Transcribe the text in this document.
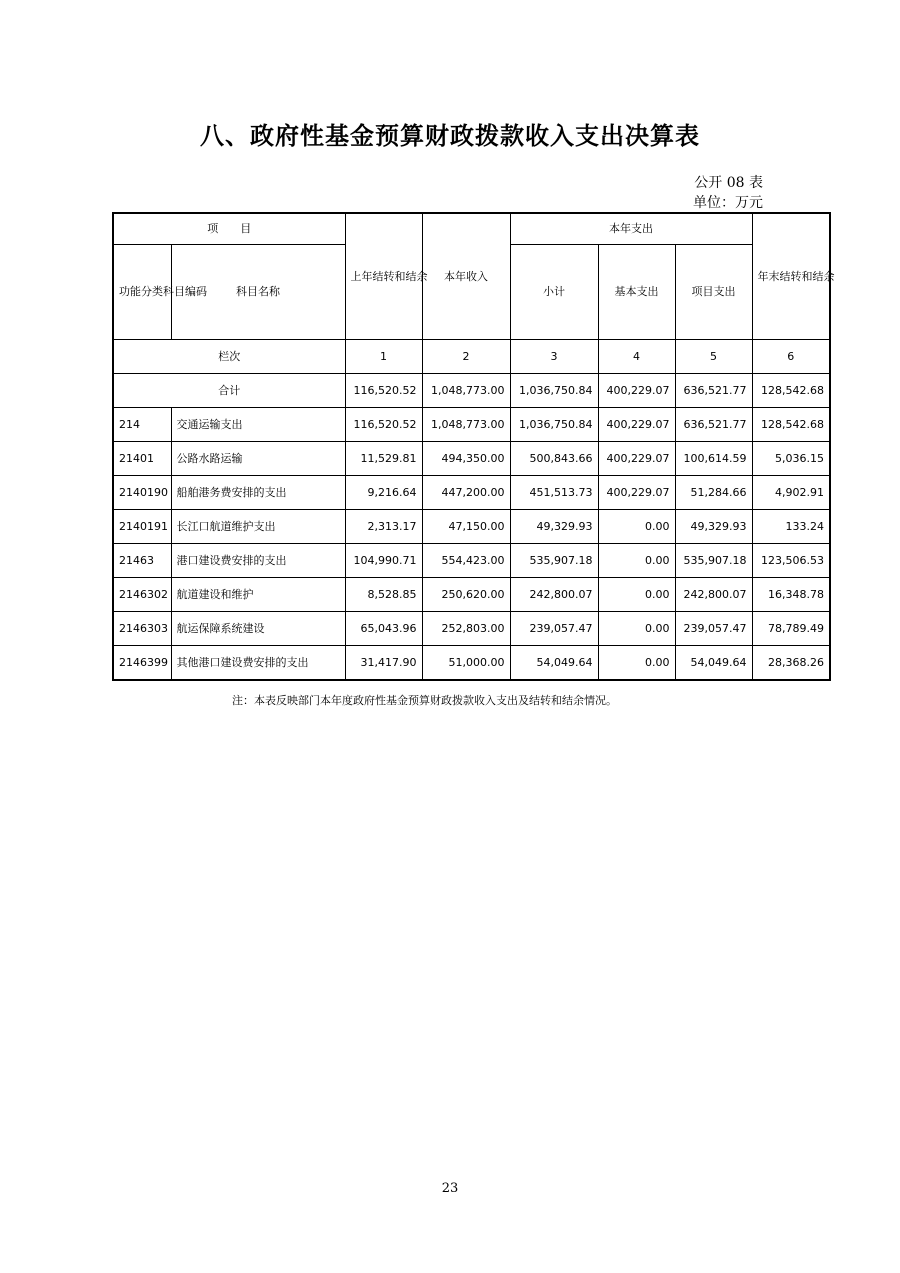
八、政府性基金预算财政拨款收入支出决算表
公开 08 表
单位：万元
项　　目		上年结转和结余	本年收入	本年支出			年末结转和结余
功能分类科目编码	科目名称			小计	基本支出	项目支出	
栏次		1	2	3	4	5	6
合计		116,520.52	1,048,773.00	1,036,750.84	400,229.07	636,521.77	128,542.68
214	交通运输支出	116,520.52	1,048,773.00	1,036,750.84	400,229.07	636,521.77	128,542.68
21401	公路水路运输	11,529.81	494,350.00	500,843.66	400,229.07	100,614.59	5,036.15
2140190	船舶港务费安排的支出	9,216.64	447,200.00	451,513.73	400,229.07	51,284.66	4,902.91
2140191	长江口航道维护支出	2,313.17	47,150.00	49,329.93	0.00	49,329.93	133.24
21463	港口建设费安排的支出	104,990.71	554,423.00	535,907.18	0.00	535,907.18	123,506.53
2146302	航道建设和维护	8,528.85	250,620.00	242,800.07	0.00	242,800.07	16,348.78
2146303	航运保障系统建设	65,043.96	252,803.00	239,057.47	0.00	239,057.47	78,789.49
2146399	其他港口建设费安排的支出	31,417.90	51,000.00	54,049.64	0.00	54,049.64	28,368.26
注：本表反映部门本年度政府性基金预算财政拨款收入支出及结转和结余情况。
23
